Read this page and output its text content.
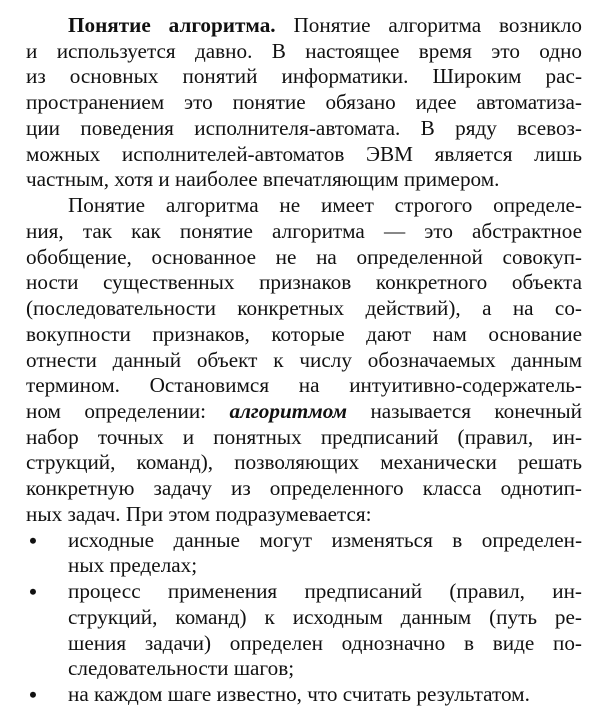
Понятие алгоритма. Понятие алгоритма возникло
и используется давно. В настоящее время это одно
из основных понятий информатики. Широким рас-
пространением это понятие обязано идее автоматиза-
ции поведения исполнителя-автомата. В ряду всевоз-
можных исполнителей-автоматов ЭВМ является лишь
частным, хотя и наиболее впечатляющим примером.
Понятие алгоритма не имеет строгого определе-
ния, так как понятие алгоритма — это абстрактное
обобщение, основанное не на определенной совокуп-
ности существенных признаков конкретного объекта
(последовательности конкретных действий), а на со-
вокупности признаков, которые дают нам основание
отнести данный объект к числу обозначаемых данным
термином. Остановимся на интуитивно-содержатель-
ном определении: алгоритмом называется конечный
набор точных и понятных предписаний (правил, ин-
струкций, команд), позволяющих механически решать
конкретную задачу из определенного класса однотип-
ных задач. При этом подразумевается:
• исходные данные могут изменяться в определен-
ных пределах;
• процесс применения предписаний (правил, ин-
струкций, команд) к исходным данным (путь ре-
шения задачи) определен однозначно в виде по-
следовательности шагов;
• на каждом шаге известно, что считать результатом.
